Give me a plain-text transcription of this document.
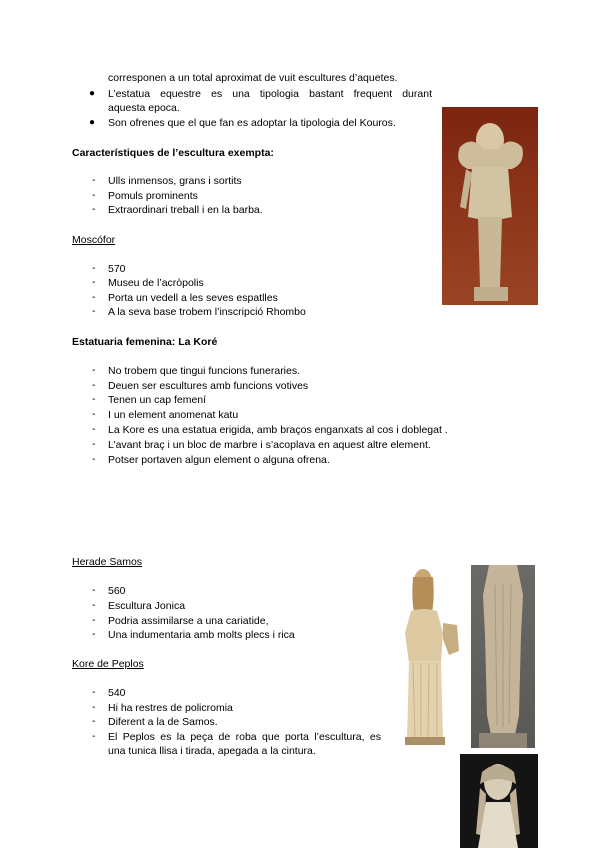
corresponen a un total aproximat de vuit escultures d’aquetes.
● L’estatua equestre es una tipologia bastant frequent durant
aquesta epoca.
● Son ofrenes que el que fan es adoptar la tipologia del Kouros.
Característiques de l’escultura exempta:
- Ulls inmensos, grans i sortits
- Pomuls prominents
- Extraordinari treball i en la barba.
Moscófor
- 570
- Museu de l’acròpolis
- Porta un vedell a les seves espatlles
- A la seva base trobem l’inscripció Rhombo
Estatuaria femenina: La Koré
- No trobem que tingui funcions funeraries.
- Deuen ser escultures amb funcions votives
- Tenen un cap femení
- I un element anomenat katu
- La Kore es una estatua erigida, amb braços enganxats al cos i doblegat .
- L’avant braç i un bloc de marbre i s’acoplava en aquest altre element.
- Potser portaven algun element o alguna ofrena.
Herade Samos
- 560
- Escultura Jonica
- Podria assimilarse a una cariatide,
- Una indumentaria amb molts plecs i rica
Kore de Peplos
- 540
- Hi ha restres de policromia
- Diferent a la de Samos.
- El Peplos es la peça de roba que porta l’escultura, es
una tunica llisa i tirada, apegada a la cintura.
